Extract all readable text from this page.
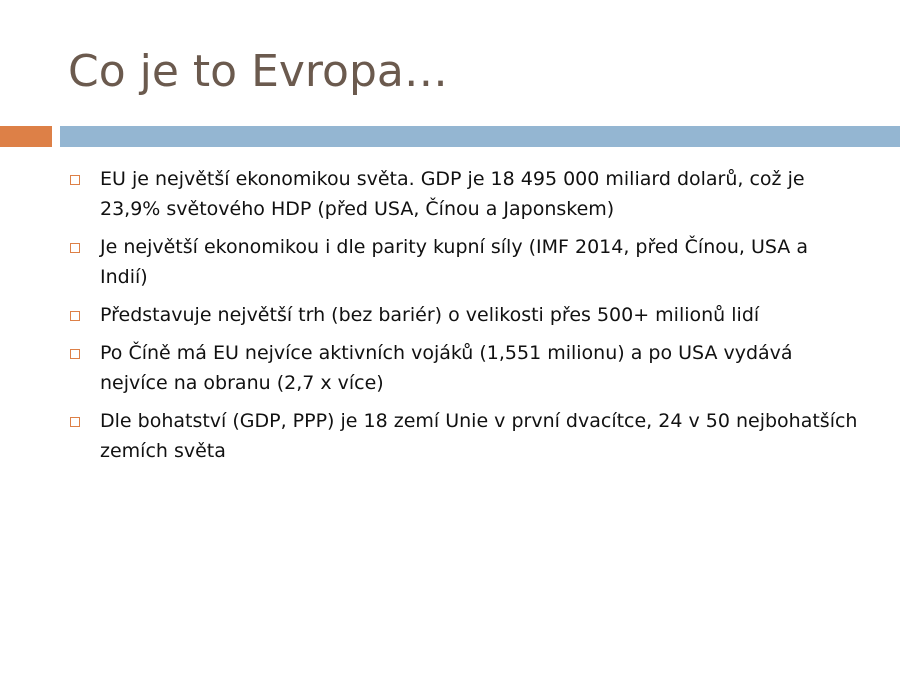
Co je to Evropa…
EU je největší ekonomikou světa. GDP je 18 495 000 miliard dolarů, což je 23,9% světového HDP (před USA, Čínou a Japonskem)
Je největší ekonomikou i dle parity kupní síly (IMF 2014, před Čínou, USA a Indií)
Představuje největší trh (bez bariér) o velikosti přes 500+ milionů lidí
Po Číně má EU nejvíce aktivních vojáků (1,551 milionu) a po USA vydává nejvíce na obranu (2,7 x více)
Dle bohatství (GDP, PPP) je 18 zemí Unie v první dvacítce, 24 v 50 nejbohatších zemích světa
